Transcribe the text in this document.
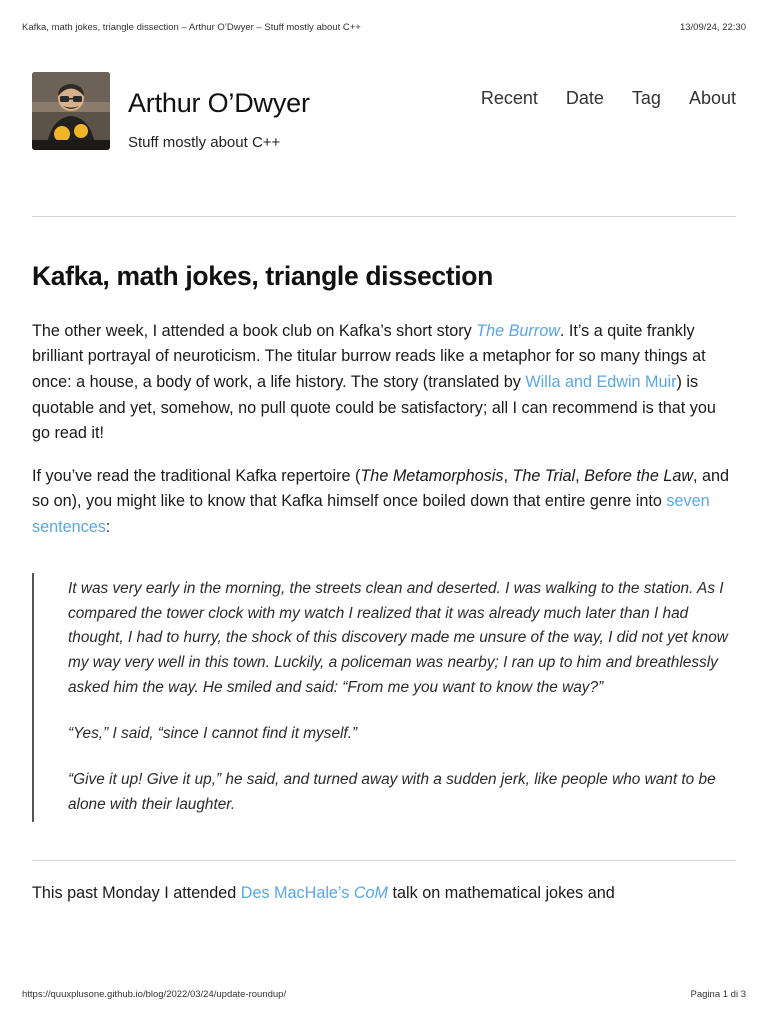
Kafka, math jokes, triangle dissection – Arthur O’Dwyer – Stuff mostly about C++	13/09/24, 22:30
Arthur O’Dwyer
Stuff mostly about C++
Recent Date Tag About
Kafka, math jokes, triangle dissection

The other week, I attended a book club on Kafka’s short story The Burrow. It’s a quite frankly brilliant portrayal of neuroticism. The titular burrow reads like a metaphor for so many things at once: a house, a body of work, a life history. The story (translated by Willa and Edwin Muir) is quotable and yet, somehow, no pull quote could be satisfactory; all I can recommend is that you go read it!

If you’ve read the traditional Kafka repertoire (The Metamorphosis, The Trial, Before the Law, and so on), you might like to know that Kafka himself once boiled down that entire genre into seven sentences:

It was very early in the morning, the streets clean and deserted. I was walking to the station. As I compared the tower clock with my watch I realized that it was already much later than I had thought, I had to hurry, the shock of this discovery made me unsure of the way, I did not yet know my way very well in this town. Luckily, a policeman was nearby; I ran up to him and breathlessly asked him the way. He smiled and said: “From me you want to know the way?”

“Yes,” I said, “since I cannot find it myself.”

“Give it up! Give it up,” he said, and turned away with a sudden jerk, like people who want to be alone with their laughter.

This past Monday I attended Des MacHale’s CoM talk on mathematical jokes and

https://quuxplusone.github.io/blog/2022/03/24/update-roundup/	Pagina 1 di 3
